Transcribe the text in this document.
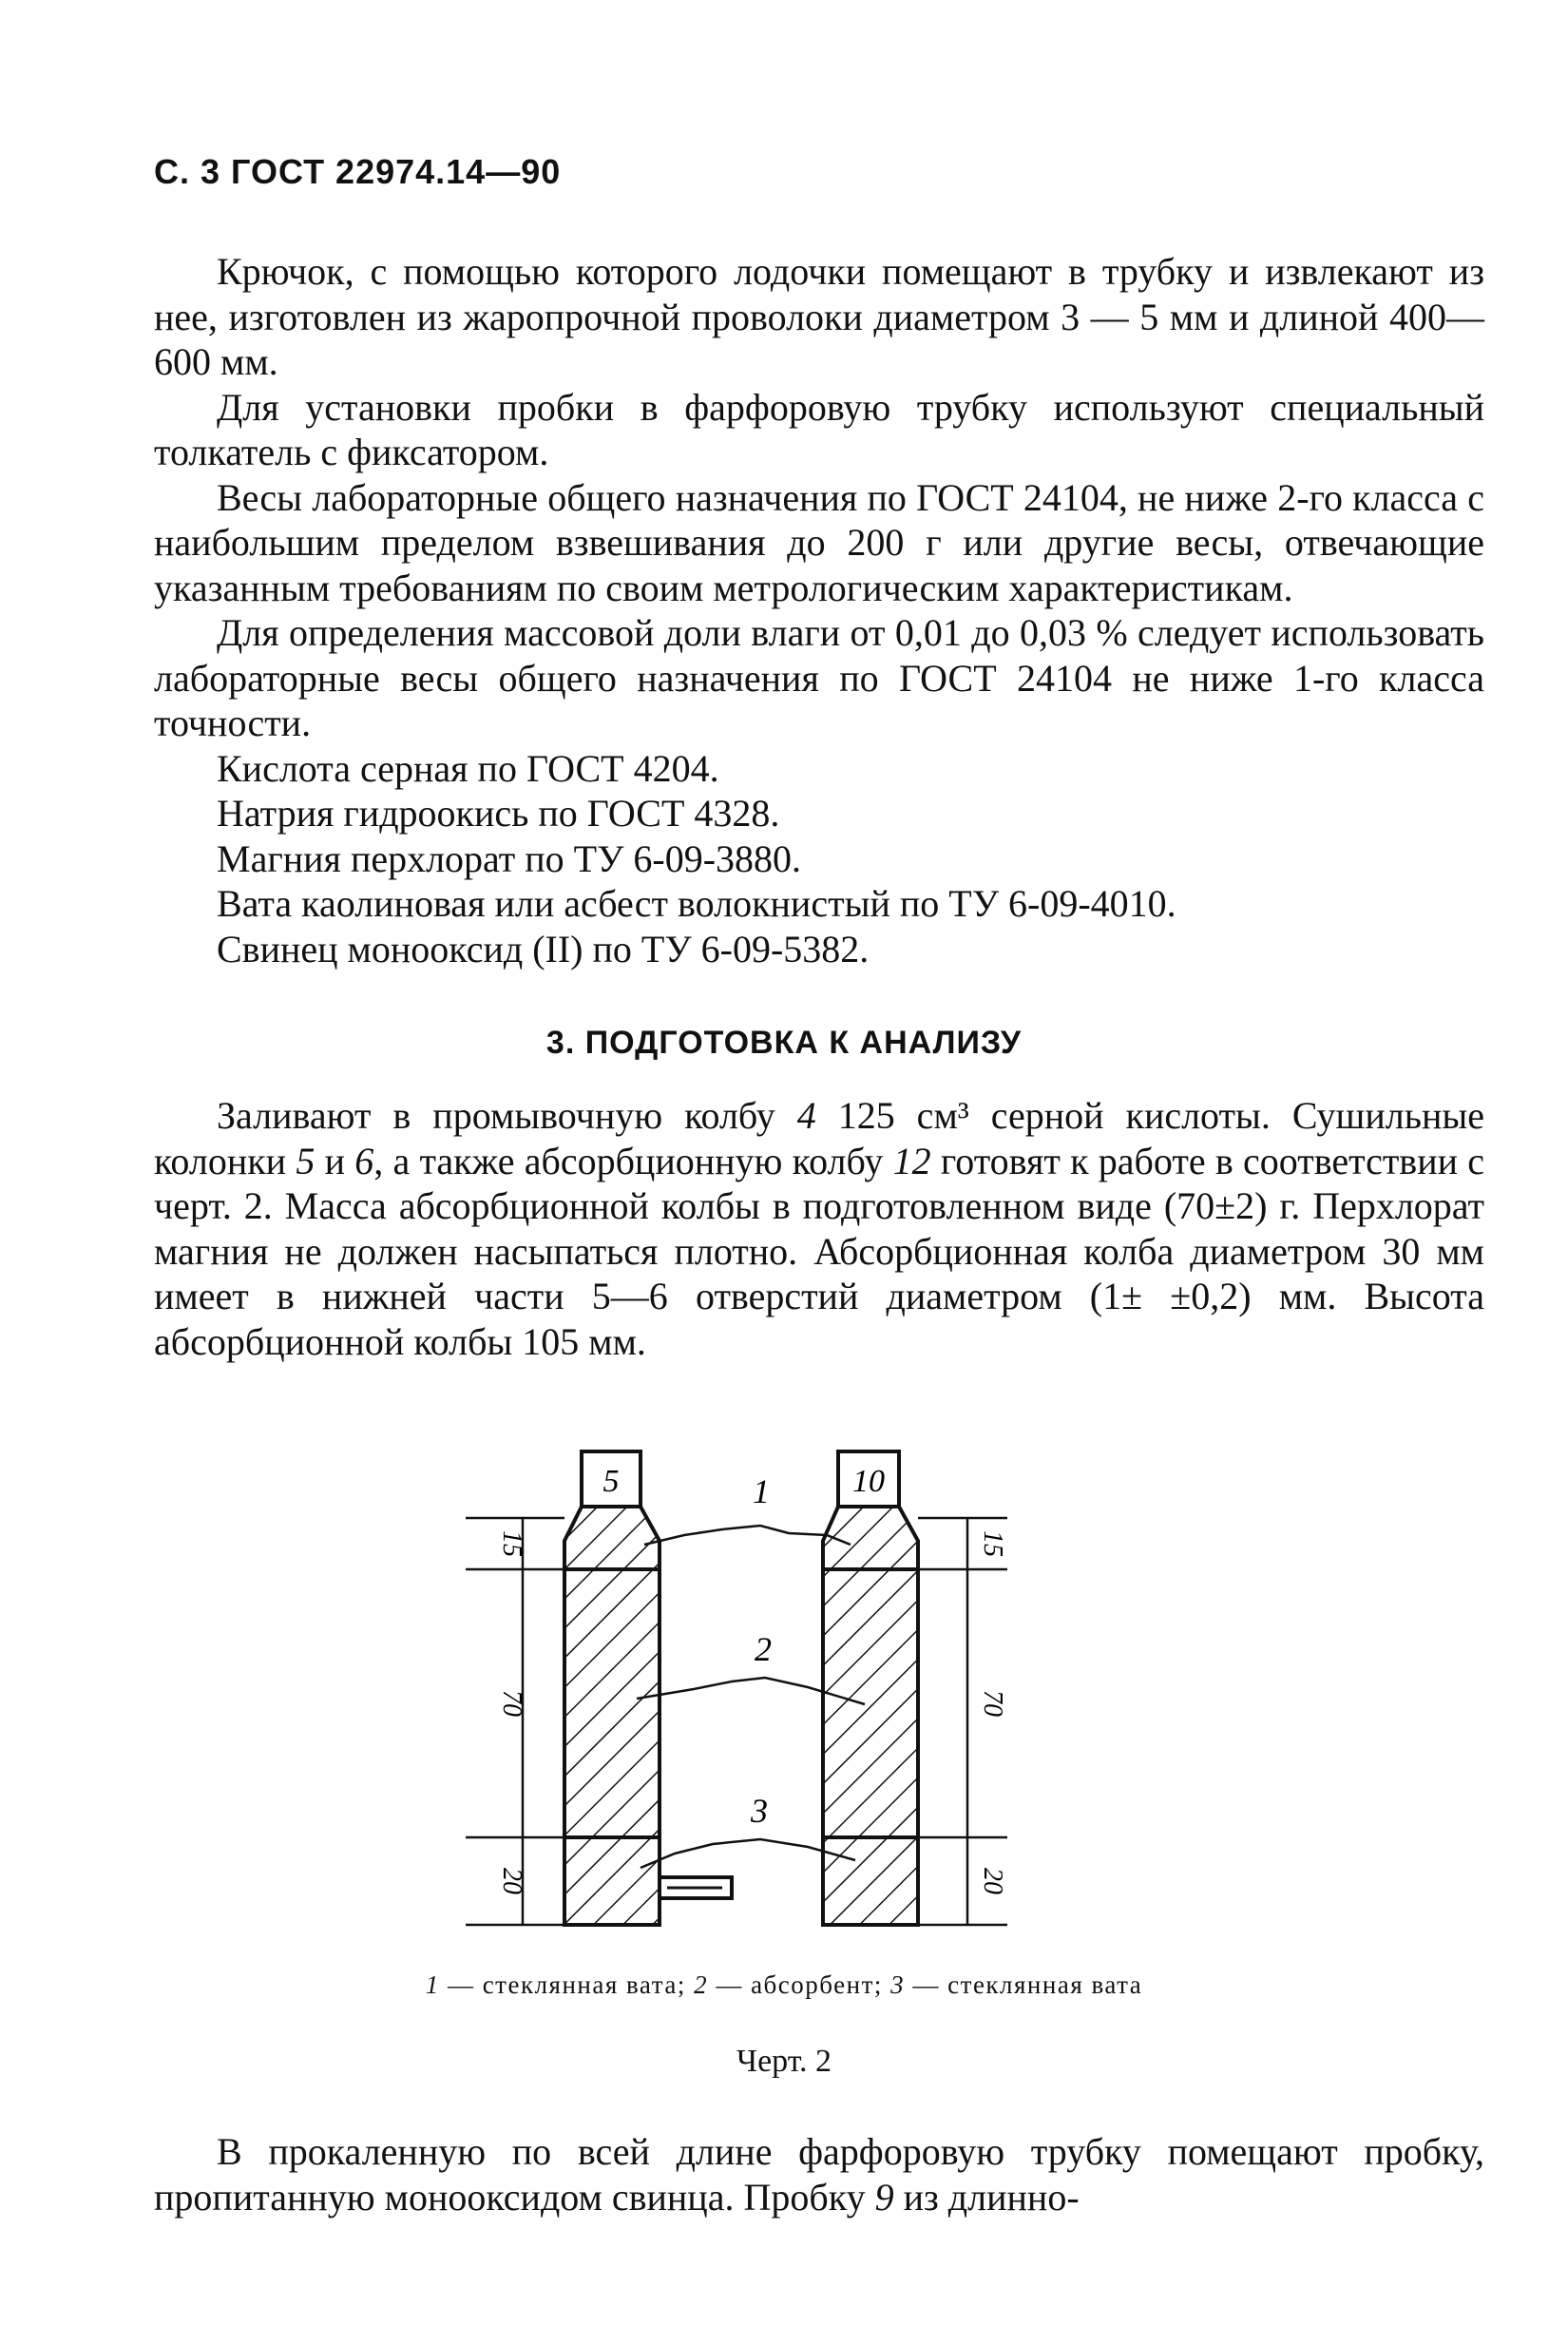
С. 3 ГОСТ 22974.14—90

Крючок, с помощью которого лодочки помещают в трубку и извлекают из нее, изготовлен из жаропрочной проволоки диаметром 3 — 5 мм и длиной 400—600 мм.

Для установки пробки в фарфоровую трубку используют специальный толкатель с фиксатором.

Весы лабораторные общего назначения по ГОСТ 24104, не ниже 2-го класса с наибольшим пределом взвешивания до 200 г или другие весы, отвечающие указанным требованиям по своим метрологическим характеристикам.

Для определения массовой доли влаги от 0,01 до 0,03 % следует использовать лабораторные весы общего назначения по ГОСТ 24104 не ниже 1-го класса точности.

Кислота серная по ГОСТ 4204.

Натрия гидроокись по ГОСТ 4328.

Магния перхлорат по ТУ 6-09-3880.

Вата каолиновая или асбест волокнистый по ТУ 6-09-4010.

Свинец монооксид (II) по ТУ 6-09-5382.

3. ПОДГОТОВКА К АНАЛИЗУ

Заливают в промывочную колбу 4 125 см³ серной кислоты. Сушильные колонки 5 и 6, а также абсорбционную колбу 12 готовят к работе в соответствии с черт. 2. Масса абсорбционной колбы в подготовленном виде (70±2) г. Перхлорат магния не должен насыпаться плотно. Абсорбционная колба диаметром 30 мм имеет в нижней части 5—6 отверстий диаметром (1± ±0,2) мм. Высота абсорбционной колбы 105 мм.

5	10
15
70
20
15
70
20
1
2
3
1 — стеклянная вата; 2 — абсорбент; 3 — стеклянная вата
Черт. 2

В прокаленную по всей длине фарфоровую трубку помещают пробку, пропитанную монооксидом свинца. Пробку 9 из длинно-
